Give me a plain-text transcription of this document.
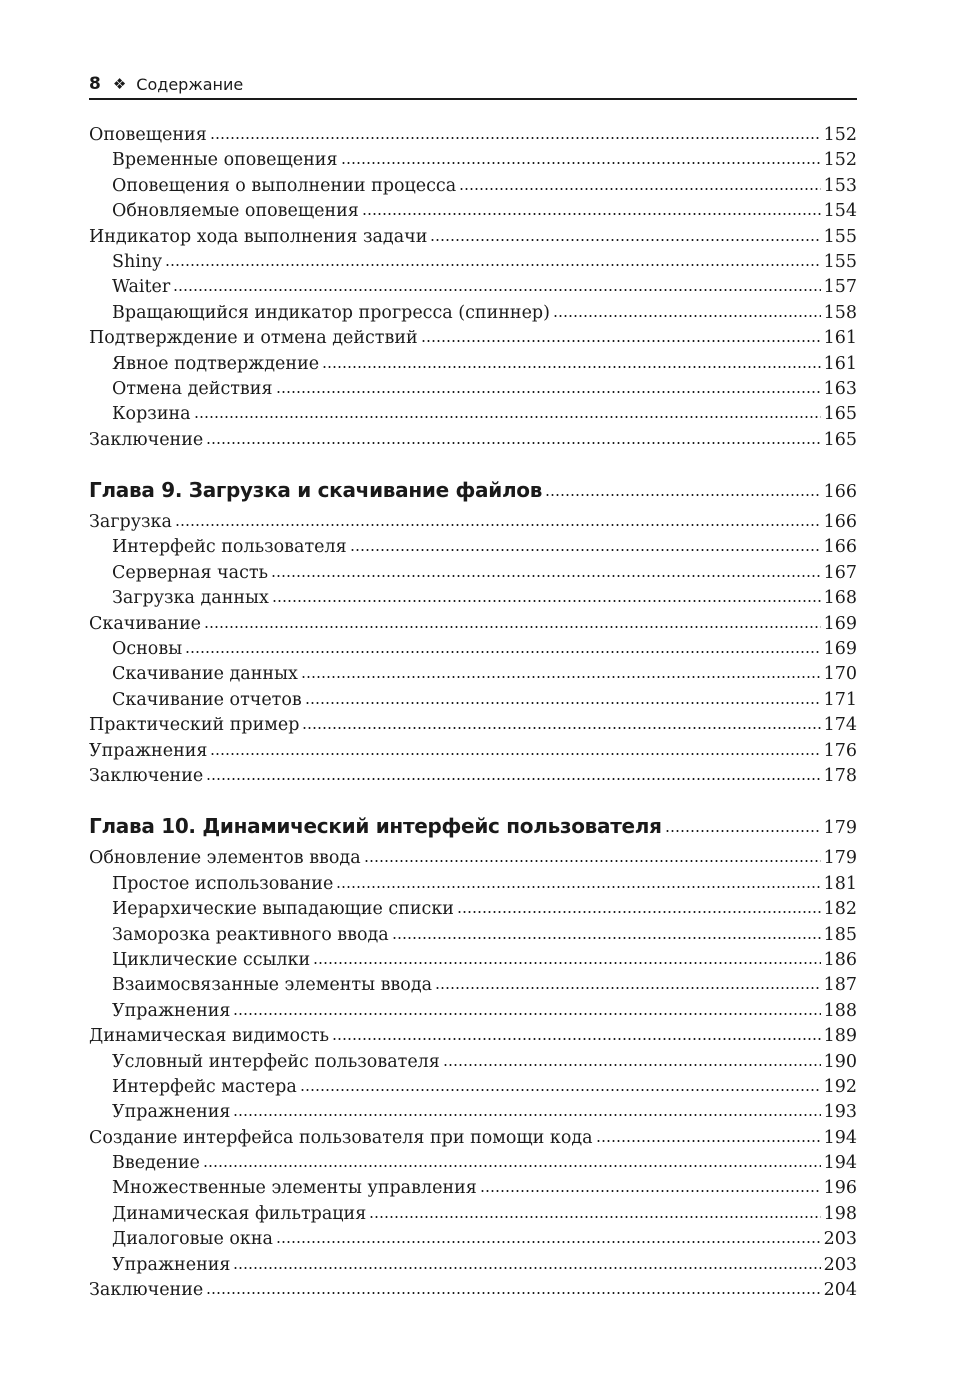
8 ❖ Содержание
Оповещения	152
Временные оповещения	152
Оповещения о выполнении процесса	153
Обновляемые оповещения	154
Индикатор хода выполнения задачи	155
Shiny	155
Waiter	157
Вращающийся индикатор прогресса (спиннер)	158
Подтверждение и отмена действий	161
Явное подтверждение	161
Отмена действия	163
Корзина	165
Заключение	165
Глава 9. Загрузка и скачивание файлов	166
Загрузка	166
Интерфейс пользователя	166
Серверная часть	167
Загрузка данных	168
Скачивание	169
Основы	169
Скачивание данных	170
Скачивание отчетов	171
Практический пример	174
Упражнения	176
Заключение	178
Глава 10. Динамический интерфейс пользователя	179
Обновление элементов ввода	179
Простое использование	181
Иерархические выпадающие списки	182
Заморозка реактивного ввода	185
Циклические ссылки	186
Взаимосвязанные элементы ввода	187
Упражнения	188
Динамическая видимость	189
Условный интерфейс пользователя	190
Интерфейс мастера	192
Упражнения	193
Создание интерфейса пользователя при помощи кода	194
Введение	194
Множественные элементы управления	196
Динамическая фильтрация	198
Диалоговые окна	203
Упражнения	203
Заключение	204
